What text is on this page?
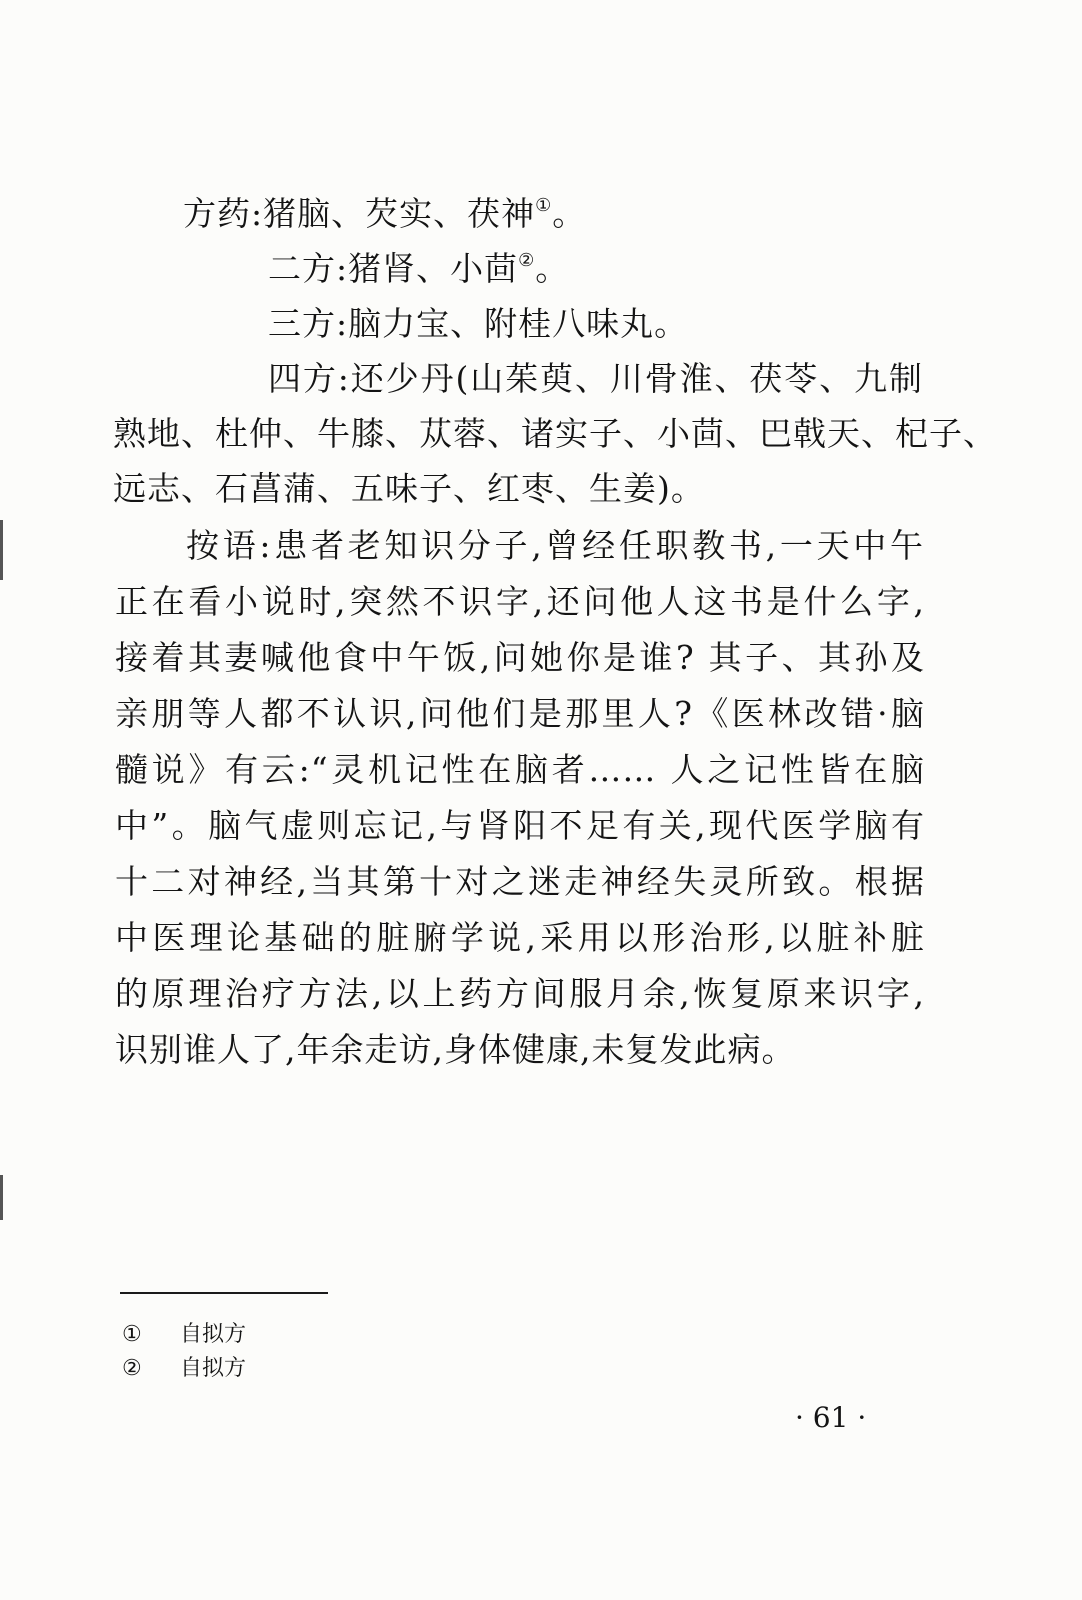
方药:猪脑、芡实、茯神①。
二方:猪肾、小茴②。
三方:脑力宝、附桂八味丸。
四方:还少丹(山茱萸、川骨淮、茯苓、九制
熟地、杜仲、牛膝、苁蓉、诸实子、小茴、巴戟天、杞子、
远志、石菖蒲、五味子、红枣、生姜)。
按语:患者老知识分子,曾经任职教书,一天中午
正在看小说时,突然不识字,还问他人这书是什么字,
接着其妻喊他食中午饭,问她你是谁? 其子、其孙及
亲朋等人都不认识,问他们是那里人?《医林改错·脑
髓说》有云:“灵机记性在脑者…… 人之记性皆在脑
中”。脑气虚则忘记,与肾阳不足有关,现代医学脑有
十二对神经,当其第十对之迷走神经失灵所致。根据
中医理论基础的脏腑学说,采用以形治形,以脏补脏
的原理治疗方法,以上药方间服月余,恢复原来识字,
识别谁人了,年余走访,身体健康,未复发此病。
① 自拟方
② 自拟方
· 61 ·
